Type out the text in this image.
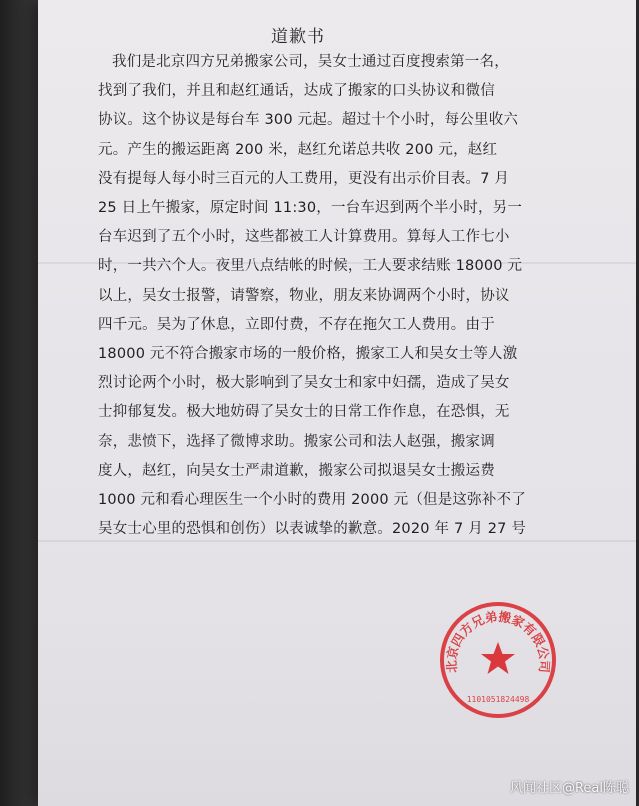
道歉书
我们是北京四方兄弟搬家公司，吴女士通过百度搜索第一名，
找到了我们，并且和赵红通话，达成了搬家的口头协议和微信
协议。这个协议是每台车 300 元起。超过十个小时，每公里收六
元。产生的搬运距离 200 米，赵红允诺总共收 200 元，赵红
没有提每人每小时三百元的人工费用，更没有出示价目表。7 月
25 日上午搬家，原定时间 11:30，一台车迟到两个半小时，另一
台车迟到了五个小时，这些都被工人计算费用。算每人工作七小
时，一共六个人。夜里八点结帐的时候，工人要求结账 18000 元
以上，吴女士报警，请警察，物业，朋友来协调两个小时，协议
四千元。吴为了休息，立即付费，不存在拖欠工人费用。由于
18000 元不符合搬家市场的一般价格，搬家工人和吴女士等人激
烈讨论两个小时，极大影响到了吴女士和家中妇孺，造成了吴女
士抑郁复发。极大地妨碍了吴女士的日常工作作息，在恐惧，无
奈，悲愤下，选择了微博求助。搬家公司和法人赵强，搬家调
度人，赵红，向吴女士严肃道歉，搬家公司拟退吴女士搬运费
1000 元和看心理医生一个小时的费用 2000 元（但是这弥补不了
吴女士心里的恐惧和创伤）以表诚挚的歉意。2020 年 7 月 27 号
北京四方兄弟搬家有限公司
1101051824498
风闻社区@Real陈聪
